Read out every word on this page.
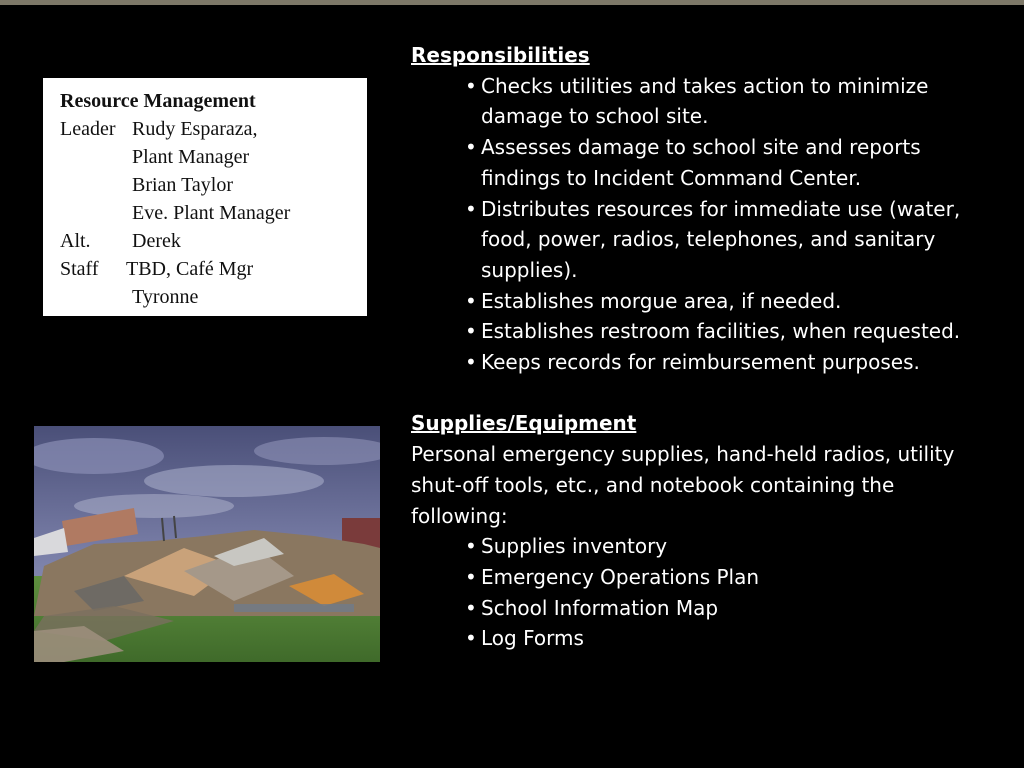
Resource Management
Leader Rudy Esparaza,
Plant Manager
Brian Taylor
Eve. Plant Manager
Alt. Derek
Staff TBD, Café Mgr
Tyronne
Responsibilities
• Checks utilities and takes action to minimize damage to school site.
• Assesses damage to school site and reports findings to Incident Command Center.
• Distributes resources for immediate use (water, food, power, radios, telephones, and sanitary supplies).
• Establishes morgue area, if needed.
• Establishes restroom facilities, when requested.
• Keeps records for reimbursement purposes.
Supplies/Equipment

Personal emergency supplies, hand-held radios, utility shut-off tools, etc., and notebook containing the following:

• Supplies inventory
• Emergency Operations Plan
• School Information Map
• Log Forms
